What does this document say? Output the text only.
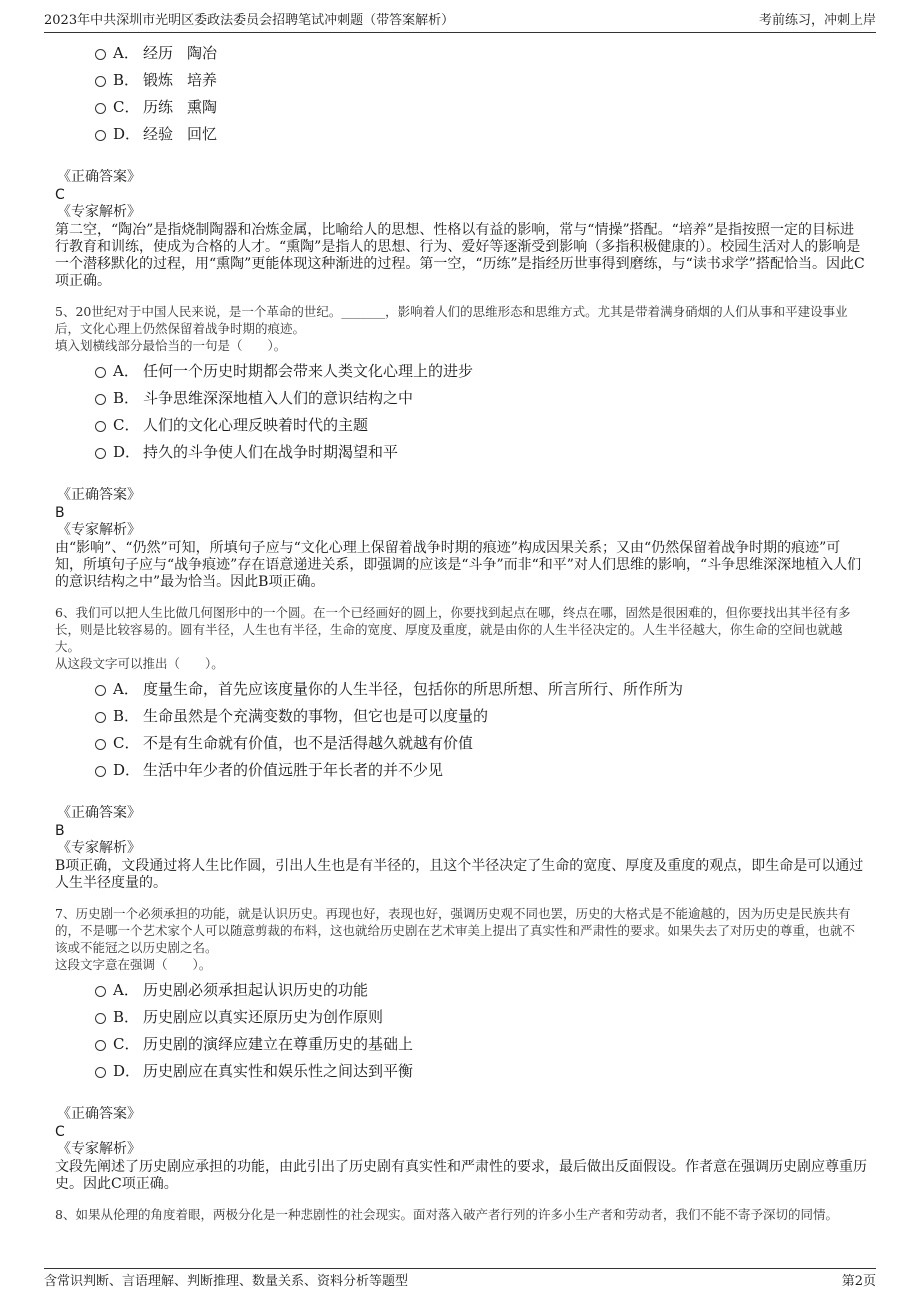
2023年中共深圳市光明区委政法委员会招聘笔试冲刺题（带答案解析）	考前练习，冲刺上岸
A． 经历 陶冶
B． 锻炼 培养
C． 历练 熏陶
D． 经验 回忆
《正确答案》
C
《专家解析》

第二空，“陶冶”是指烧制陶器和冶炼金属，比喻给人的思想、性格以有益的影响，常与“情操”搭配。“培养”是指按照一定的目标进行教育和训练，使成为合格的人才。“熏陶”是指人的思想、行为、爱好等逐渐受到影响（多指积极健康的）。校园生活对人的影响是一个潜移默化的过程，用“熏陶”更能体现这种渐进的过程。第一空，“历练”是指经历世事得到磨练，与“读书求学”搭配恰当。因此C项正确。

5、20世纪对于中国人民来说，是一个革命的世纪。_______，影响着人们的思维形态和思维方式。尤其是带着满身硝烟的人们从事和平建设事业后，文化心理上仍然保留着战争时期的痕迹。

填入划横线部分最恰当的一句是（　　）。

A． 任何一个历史时期都会带来人类文化心理上的进步
B． 斗争思维深深地植入人们的意识结构之中
C． 人们的文化心理反映着时代的主题
D． 持久的斗争使人们在战争时期渴望和平
《正确答案》
B
《专家解析》

由“影响”、“仍然”可知，所填句子应与“文化心理上保留着战争时期的痕迹”构成因果关系；又由“仍然保留着战争时期的痕迹”可知，所填句子应与“战争痕迹”存在语意递进关系，即强调的应该是“斗争”而非“和平”对人们思维的影响，“斗争思维深深地植入人们的意识结构之中”最为恰当。因此B项正确。

6、我们可以把人生比做几何图形中的一个圆。在一个已经画好的圆上，你要找到起点在哪，终点在哪，固然是很困难的，但你要找出其半径有多长，则是比较容易的。圆有半径，人生也有半径，生命的宽度、厚度及重度，就是由你的人生半径决定的。人生半径越大，你生命的空间也就越大。

从这段文字可以推出（　　）。

A． 度量生命，首先应该度量你的人生半径，包括你的所思所想、所言所行、所作所为
B． 生命虽然是个充满变数的事物，但它也是可以度量的
C． 不是有生命就有价值，也不是活得越久就越有价值
D． 生活中年少者的价值远胜于年长者的并不少见
《正确答案》
B
《专家解析》

B项正确，文段通过将人生比作圆，引出人生也是有半径的，且这个半径决定了生命的宽度、厚度及重度的观点，即生命是可以通过人生半径度量的。

7、历史剧一个必须承担的功能，就是认识历史。再现也好，表现也好，强调历史观不同也罢，历史的大格式是不能逾越的，因为历史是民族共有的，不是哪一个艺术家个人可以随意剪裁的布料，这也就给历史剧在艺术审美上提出了真实性和严肃性的要求。如果失去了对历史的尊重，也就不该或不能冠之以历史剧之名。

这段文字意在强调（　　）。

A． 历史剧必须承担起认识历史的功能
B． 历史剧应以真实还原历史为创作原则
C． 历史剧的演绎应建立在尊重历史的基础上
D． 历史剧应在真实性和娱乐性之间达到平衡
《正确答案》
C
《专家解析》

文段先阐述了历史剧应承担的功能，由此引出了历史剧有真实性和严肃性的要求，最后做出反面假设。作者意在强调历史剧应尊重历史。因此C项正确。

8、如果从伦理的角度着眼，两极分化是一种悲剧性的社会现实。面对落入破产者行列的许多小生产者和劳动者，我们不能不寄予深切的同情。

含常识判断、言语理解、判断推理、数量关系、资料分析等题型	第2页
